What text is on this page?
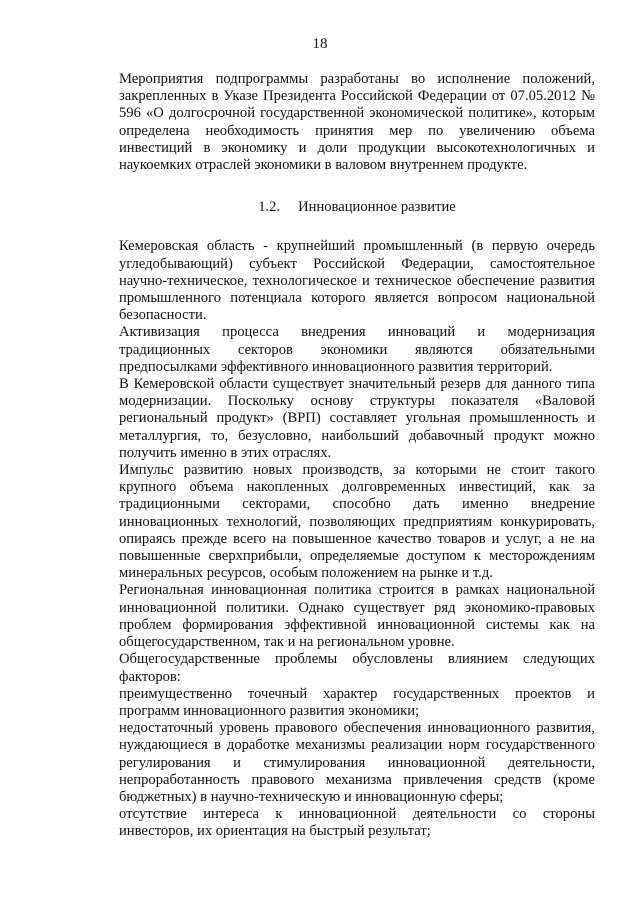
18

Мероприятия подпрограммы разработаны во исполнение положений, закрепленных в Указе Президента Российской Федерации от 07.05.2012 № 596 «О долгосрочной государственной экономической политике», которым определена необходимость принятия мер по увеличению объема инвестиций в экономику и доли продукции высокотехнологичных и наукоемких отраслей экономики в валовом внутреннем продукте.

1.2. Инновационное развитие

Кемеровская область - крупнейший промышленный (в первую очередь угледобывающий) субъект Российской Федерации, самостоятельное научно-техническое, технологическое и техническое обеспечение развития промышленного потенциала которого является вопросом национальной безопасности.

Активизация процесса внедрения инноваций и модернизация традиционных секторов экономики являются обязательными предпосылками эффективного инновационного развития территорий.

В Кемеровской области существует значительный резерв для данного типа модернизации. Поскольку основу структуры показателя «Валовой региональный продукт» (ВРП) составляет угольная промышленность и металлургия, то, безусловно, наибольший добавочный продукт можно получить именно в этих отраслях.

Импульс развитию новых производств, за которыми не стоит такого крупного объема накопленных долговременных инвестиций, как за традиционными секторами, способно дать именно внедрение инновационных технологий, позволяющих предприятиям конкурировать, опираясь прежде всего на повышенное качество товаров и услуг, а не на повышенные сверхприбыли, определяемые доступом к месторождениям минеральных ресурсов, особым положением на рынке и т.д.

Региональная инновационная политика строится в рамках национальной инновационной политики. Однако существует ряд экономико-правовых проблем формирования эффективной инновационной системы как на общегосударственном, так и на региональном уровне.

Общегосударственные проблемы обусловлены влиянием следующих факторов:

преимущественно точечный характер государственных проектов и программ инновационного развития экономики;

недостаточный уровень правового обеспечения инновационного развития, нуждающиеся в доработке механизмы реализации норм государственного регулирования и стимулирования инновационной деятельности, непроработанность правового механизма привлечения средств (кроме бюджетных) в научно-техническую и инновационную сферы;

отсутствие интереса к инновационной деятельности со стороны инвесторов, их ориентация на быстрый результат;
